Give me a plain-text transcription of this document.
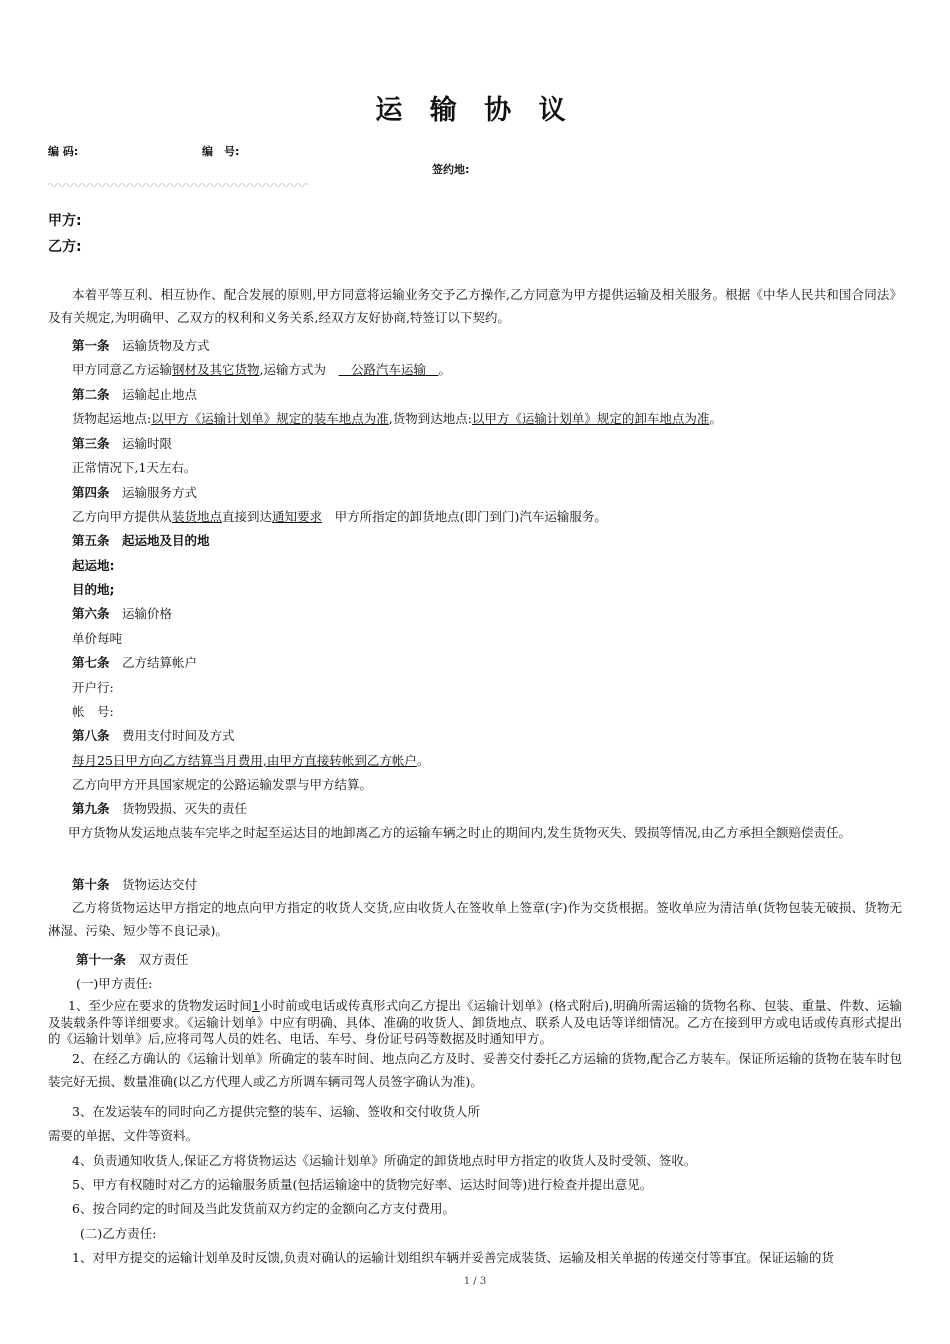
运 输 协 议
编 码:	编　号:
签约地:
甲方:
乙方:
本着平等互利、相互协作、配合发展的原则,甲方同意将运输业务交予乙方操作,乙方同意为甲方提供运输及相关服务。根据《中华人民共和国合同法》及有关规定,为明确甲、乙双方的权利和义务关系,经双方友好协商,特签订以下契约。
第一条　 运输货物及方式
甲方同意乙方运输钢材及其它货物,运输方式为　　公路汽车运输　。
第二条　 运输起止地点
货物起运地点:以甲方《运输计划单》规定的装车地点为准,货物到达地点:以甲方《运输计划单》规定的卸车地点为准。
第三条　 运输时限
正常情况下,1天左右。
第四条　 运输服务方式
乙方向甲方提供从装货地点直接到达通知要求　 甲方所指定的卸货地点(即门到门)汽车运输服务。
第五条　起运地及目的地
起运地:
目的地;
第六条　 运输价格
单价每吨
第七条　 乙方结算帐户
开户行:
帐　号:
第八条　 费用支付时间及方式
每月25日甲方向乙方结算当月费用,由甲方直接转帐到乙方帐户。
乙方向甲方开具国家规定的公路运输发票与甲方结算。
第九条　 货物毁损、灭失的责任
甲方货物从发运地点装车完毕之时起至运达目的地卸离乙方的运输车辆之时止的期间内,发生货物灭失、毁损等情况,由乙方承担全额赔偿责任。
第十条　 货物运达交付
乙方将货物运达甲方指定的地点向甲方指定的收货人交货,应由收货人在签收单上签章(字)作为交货根据。签收单应为清洁单(货物包装无破损、货物无淋湿、污染、短少等不良记录)。
第十一条　 双方责任
(一)甲方责任:
1、至少应在要求的货物发运时间1小时前或电话或传真形式向乙方提出《运输计划单》(格式附后),明确所需运输的货物名称、包装、重量、件数、运输及装载条件等详细要求。《运输计划单》中应有明确、具体、准确的收货人、卸货地点、联系人及电话等详细情况。乙方在接到甲方或电话或传真形式提出的《运输计划单》后,应将司驾人员的姓名、电话、车号、身份证号码等数据及时通知甲方。
2、在经乙方确认的《运输计划单》所确定的装车时间、地点向乙方及时、妥善交付委托乙方运输的货物,配合乙方装车。保证所运输的货物在装车时包装完好无损、数量准确(以乙方代理人或乙方所调车辆司驾人员签字确认为准)。
3、在发运装车的同时向乙方提供完整的装车、运输、签收和交付收货人所
需要的单据、文件等资料。
4、负责通知收货人,保证乙方将货物运达《运输计划单》所确定的卸货地点时甲方指定的收货人及时受领、签收。
5、甲方有权随时对乙方的运输服务质量(包括运输途中的货物完好率、运达时间等)进行检查并提出意见。
6、按合同约定的时间及当此发货前双方约定的金额向乙方支付费用。
(二)乙方责任:
1、对甲方提交的运输计划单及时反馈,负责对确认的运输计划组织车辆并妥善完成装货、运输及相关单据的传递交付等事宜。保证运输的货
1 / 3
